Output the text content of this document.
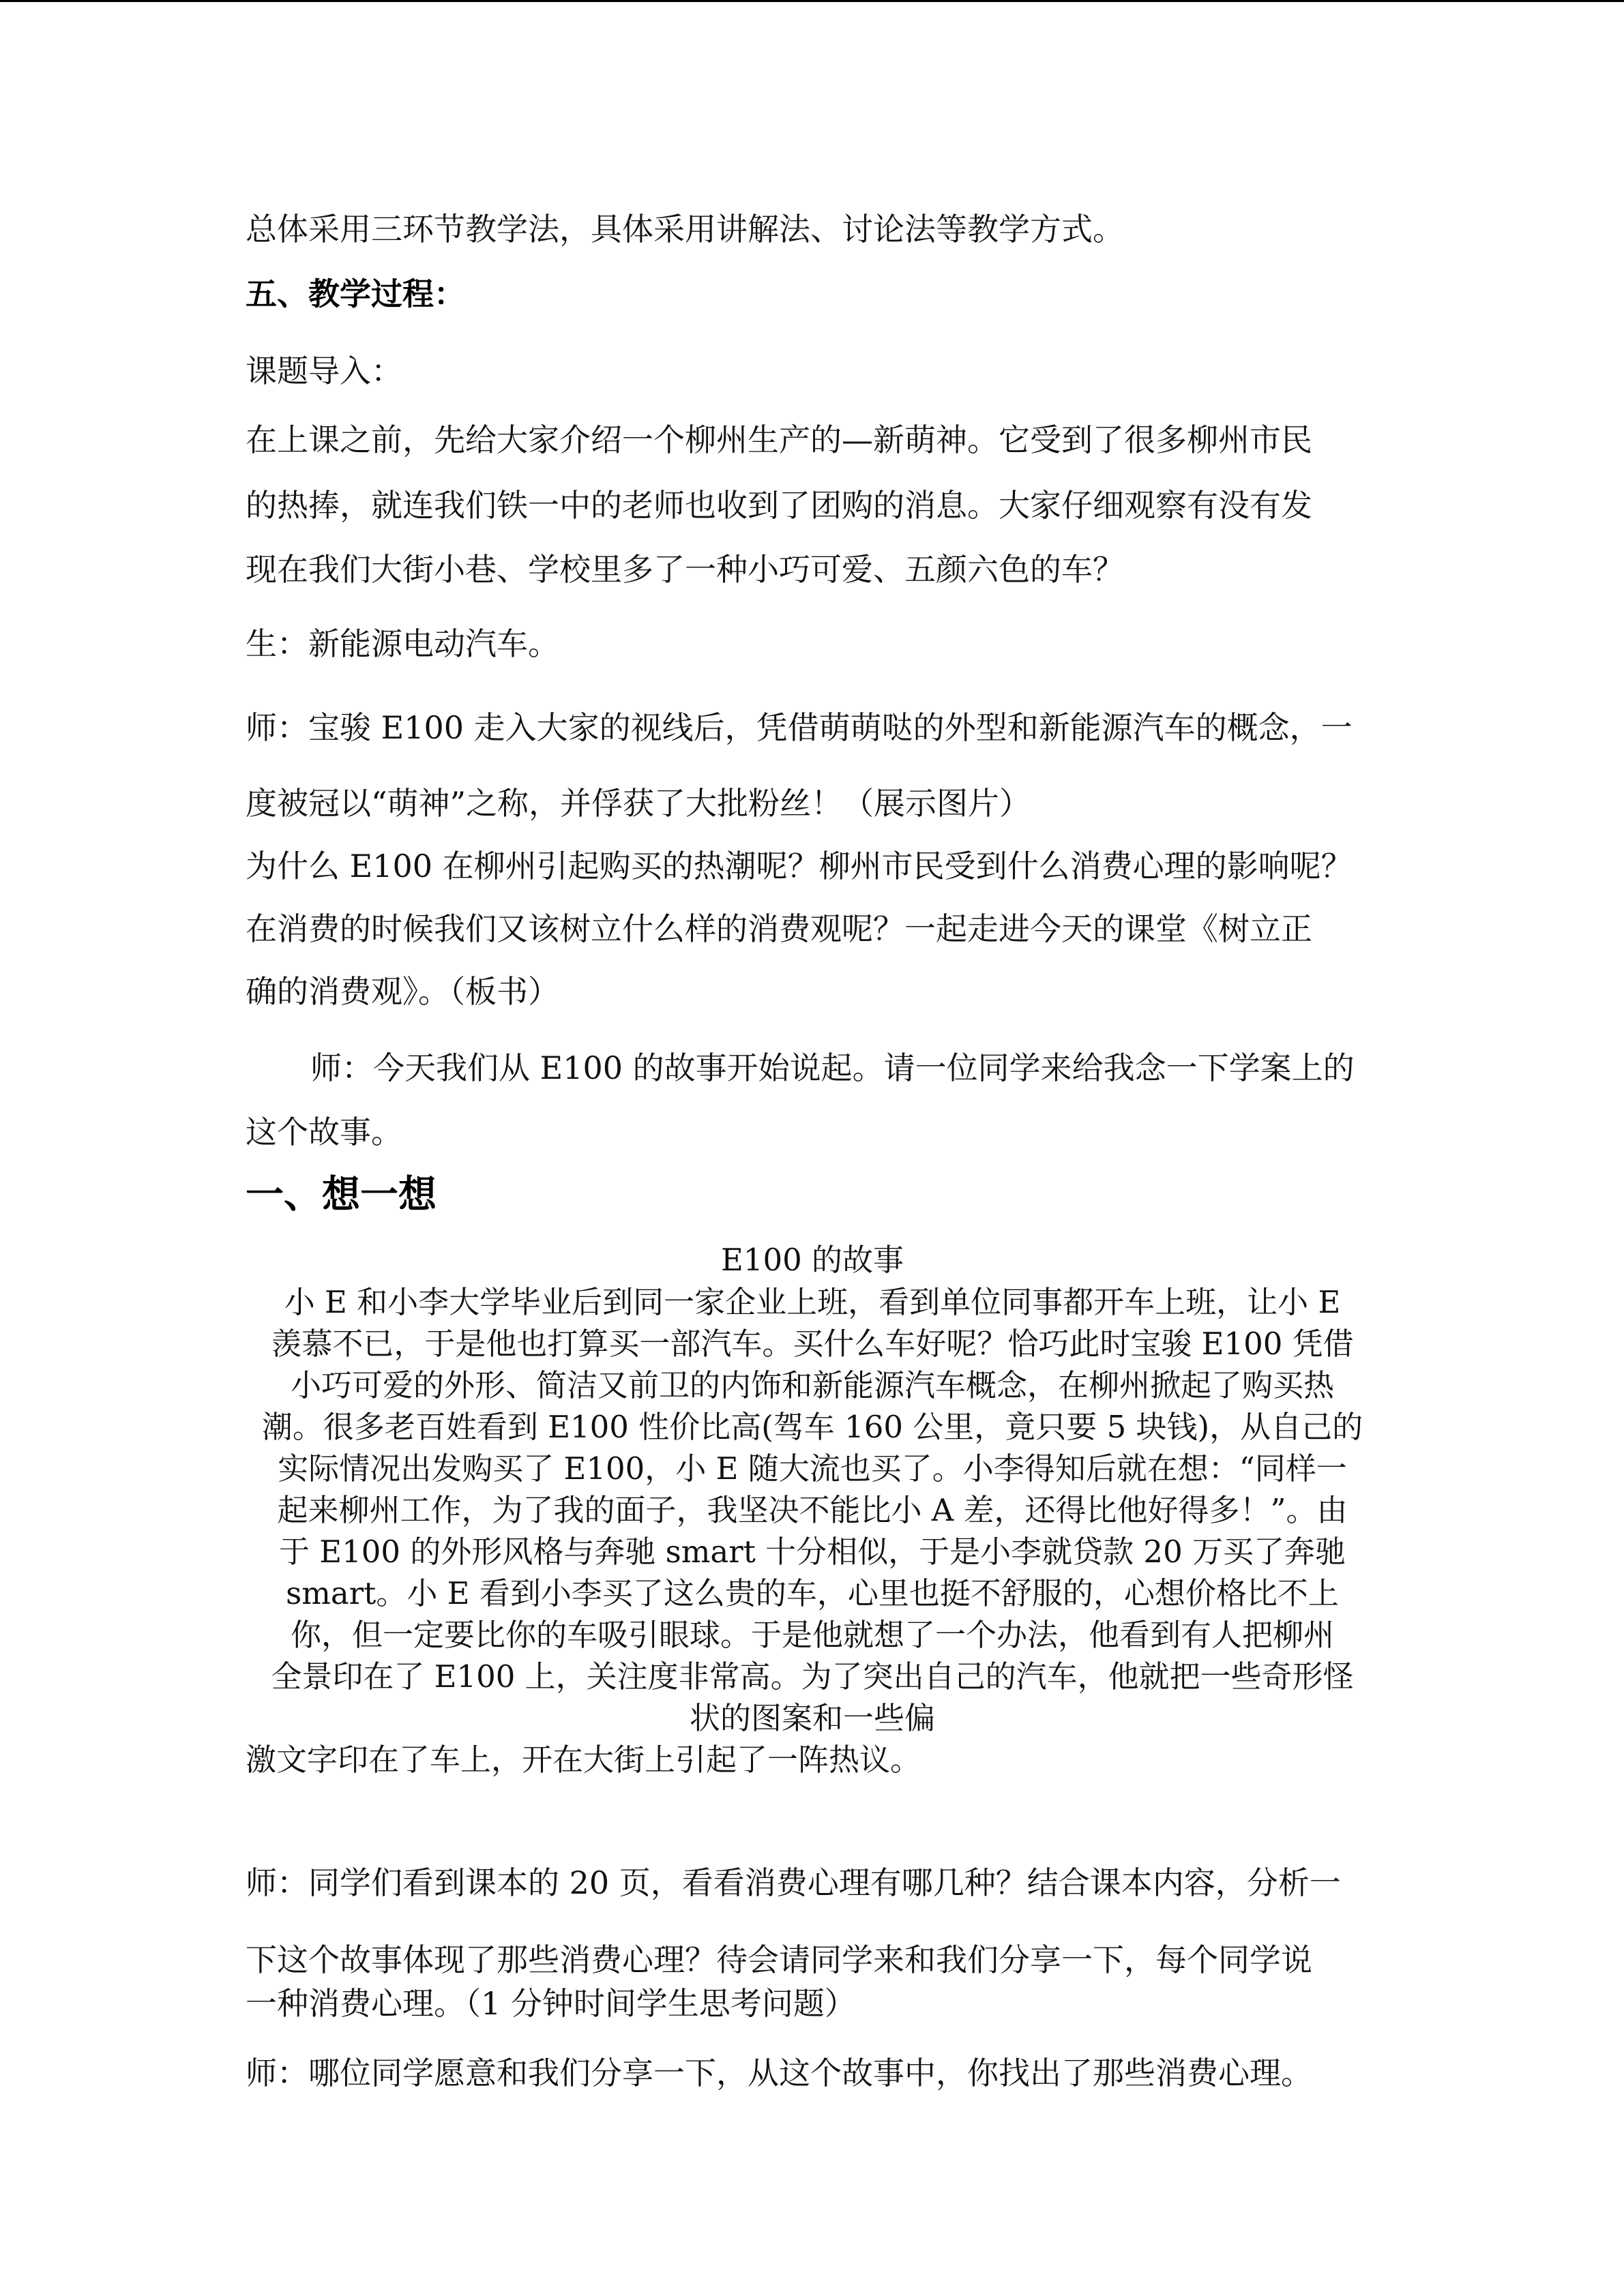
总体采用三环节教学法，具体采用讲解法、讨论法等教学方式。
五、教学过程：
课题导入：
在上课之前，先给大家介绍一个柳州生产的—新萌神。它受到了很多柳州市民
的热捧，就连我们铁一中的老师也收到了团购的消息。大家仔细观察有没有发
现在我们大街小巷、学校里多了一种小巧可爱、五颜六色的车？
生：新能源电动汽车。
师：宝骏 E100 走入大家的视线后，凭借萌萌哒的外型和新能源汽车的概念，一
度被冠以“萌神”之称，并俘获了大批粉丝！（展示图片）
为什么 E100 在柳州引起购买的热潮呢？柳州市民受到什么消费心理的影响呢？
在消费的时候我们又该树立什么样的消费观呢？一起走进今天的课堂《树立正
确的消费观》。（板书）
师：今天我们从 E100 的故事开始说起。请一位同学来给我念一下学案上的
这个故事。
一、想一想
E100 的故事
小 E 和小李大学毕业后到同一家企业上班，看到单位同事都开车上班，让小 E
羡慕不已，于是他也打算买一部汽车。买什么车好呢？恰巧此时宝骏 E100 凭借
小巧可爱的外形、简洁又前卫的内饰和新能源汽车概念，在柳州掀起了购买热
潮。很多老百姓看到 E100 性价比高(驾车 160 公里，竟只要 5 块钱)，从自己的
实际情况出发购买了 E100，小 E 随大流也买了。小李得知后就在想：“同样一
起来柳州工作，为了我的面子，我坚决不能比小 A 差，还得比他好得多！”。由
于 E100 的外形风格与奔驰 smart 十分相似，于是小李就贷款 20 万买了奔驰
smart。小 E 看到小李买了这么贵的车，心里也挺不舒服的，心想价格比不上
你，但一定要比你的车吸引眼球。于是他就想了一个办法，他看到有人把柳州
全景印在了 E100 上，关注度非常高。为了突出自己的汽车，他就把一些奇形怪
状的图案和一些偏
激文字印在了车上，开在大街上引起了一阵热议。
师：同学们看到课本的 20 页，看看消费心理有哪几种？结合课本内容，分析一
下这个故事体现了那些消费心理？待会请同学来和我们分享一下，每个同学说
一种消费心理。（1 分钟时间学生思考问题）
师：哪位同学愿意和我们分享一下，从这个故事中，你找出了那些消费心理。
